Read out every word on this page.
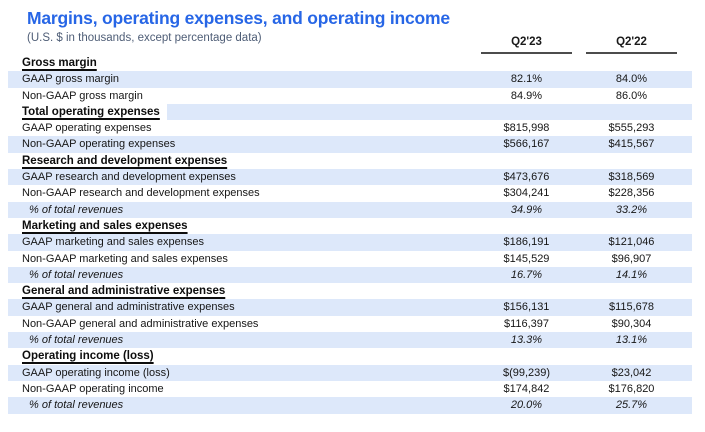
Margins, operating expenses, and operating income
(U.S. $ in thousands, except percentage data)	Q2'23	Q2'22
Gross margin
GAAP gross margin	82.1%	84.0%
Non-GAAP gross margin	84.9%	86.0%
Total operating expenses
GAAP operating expenses	$815,998	$555,293
Non-GAAP operating expenses	$566,167	$415,567
Research and development expenses
GAAP research and development expenses	$473,676	$318,569
Non-GAAP research and development expenses	$304,241	$228,356
% of total revenues	34.9%	33.2%
Marketing and sales expenses
GAAP marketing and sales expenses	$186,191	$121,046
Non-GAAP marketing and sales expenses	$145,529	$96,907
% of total revenues	16.7%	14.1%
General and administrative expenses
GAAP general and administrative expenses	$156,131	$115,678
Non-GAAP general and administrative expenses	$116,397	$90,304
% of total revenues	13.3%	13.1%
Operating income (loss)
GAAP operating income (loss)	$(99,239)	$23,042
Non-GAAP operating income	$174,842	$176,820
% of total revenues	20.0%	25.7%
